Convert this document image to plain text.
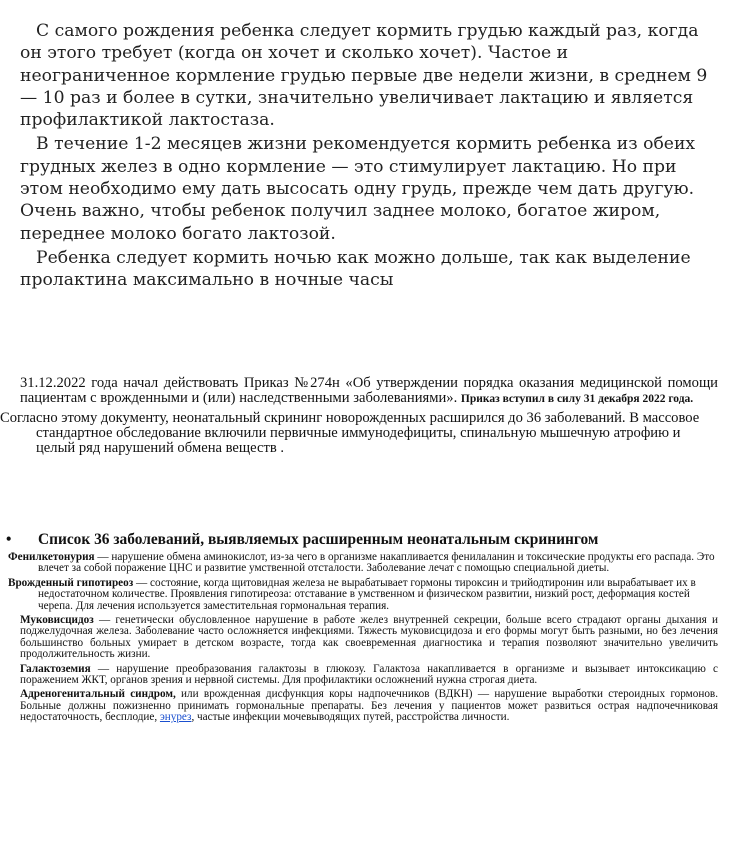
С самого рождения ребенка следует кормить грудью каждый раз, когда он этого требует (когда он хочет и сколько хочет). Частое и неограниченное кормление грудью первые две недели жизни, в среднем 9 — 10 раз и более в сутки, значительно увеличивает лактацию и является профилактикой лактостаза.

В течение 1-2 месяцев жизни рекомендуется кормить ребенка из обеих грудных желез в одно кормление — это стимулирует лактацию. Но при этом необходимо ему дать высосать одну грудь, прежде чем дать другую. Очень важно, чтобы ребенок получил заднее молоко, богатое жиром, переднее молоко богато лактозой.

Ребенка следует кормить ночью как можно дольше, так как выделение пролактина максимально в ночные часы

31.12.2022 года начал действовать Приказ №274н «Об утверждении порядка оказания медицинской помощи пациентам с врожденными и (или) наследственными заболеваниями». Приказ вступил в силу 31 декабря 2022 года.

Согласно этому документу, неонатальный скрининг новорожденных расширился до 36 заболеваний. В массовое стандартное обследование включили первичные иммунодефициты, спинальную мышечную атрофию и целый ряд нарушений обмена веществ .

• Список 36 заболеваний, выявляемых расширенным неонатальным скринингом

Фенилкетонурия — нарушение обмена аминокислот, из-за чего в организме накапливается фенилаланин и токсические продукты его распада. Это влечет за собой поражение ЦНС и развитие умственной отсталости. Заболевание лечат с помощью специальной диеты.

Врожденный гипотиреоз — состояние, когда щитовидная железа не вырабатывает гормоны тироксин и трийодтиронин или вырабатывает их в недостаточном количестве. Проявления гипотиреоза: отставание в умственном и физическом развитии, низкий рост, деформация костей черепа. Для лечения используется заместительная гормональная терапия.

Муковисцидоз — генетически обусловленное нарушение в работе желез внутренней секреции, больше всего страдают органы дыхания и поджелудочная железа. Заболевание часто осложняется инфекциями. Тяжесть муковисцидоза и его формы могут быть разными, но без лечения большинство больных умирает в детском возрасте, тогда как своевременная диагностика и терапия позволяют значительно увеличить продолжительность жизни.

Галактоземия — нарушение преобразования галактозы в глюкозу. Галактоза накапливается в организме и вызывает интоксикацию с поражением ЖКТ, органов зрения и нервной системы. Для профилактики осложнений нужна строгая диета.

Адреногенитальный синдром, или врожденная дисфункция коры надпочечников (ВДКН) — нарушение выработки стероидных гормонов. Больные должны пожизненно принимать гормональные препараты. Без лечения у пациентов может развиться острая надпочечниковая недостаточность, бесплодие, энурез, частые инфекции мочевыводящих путей, расстройства личности.
